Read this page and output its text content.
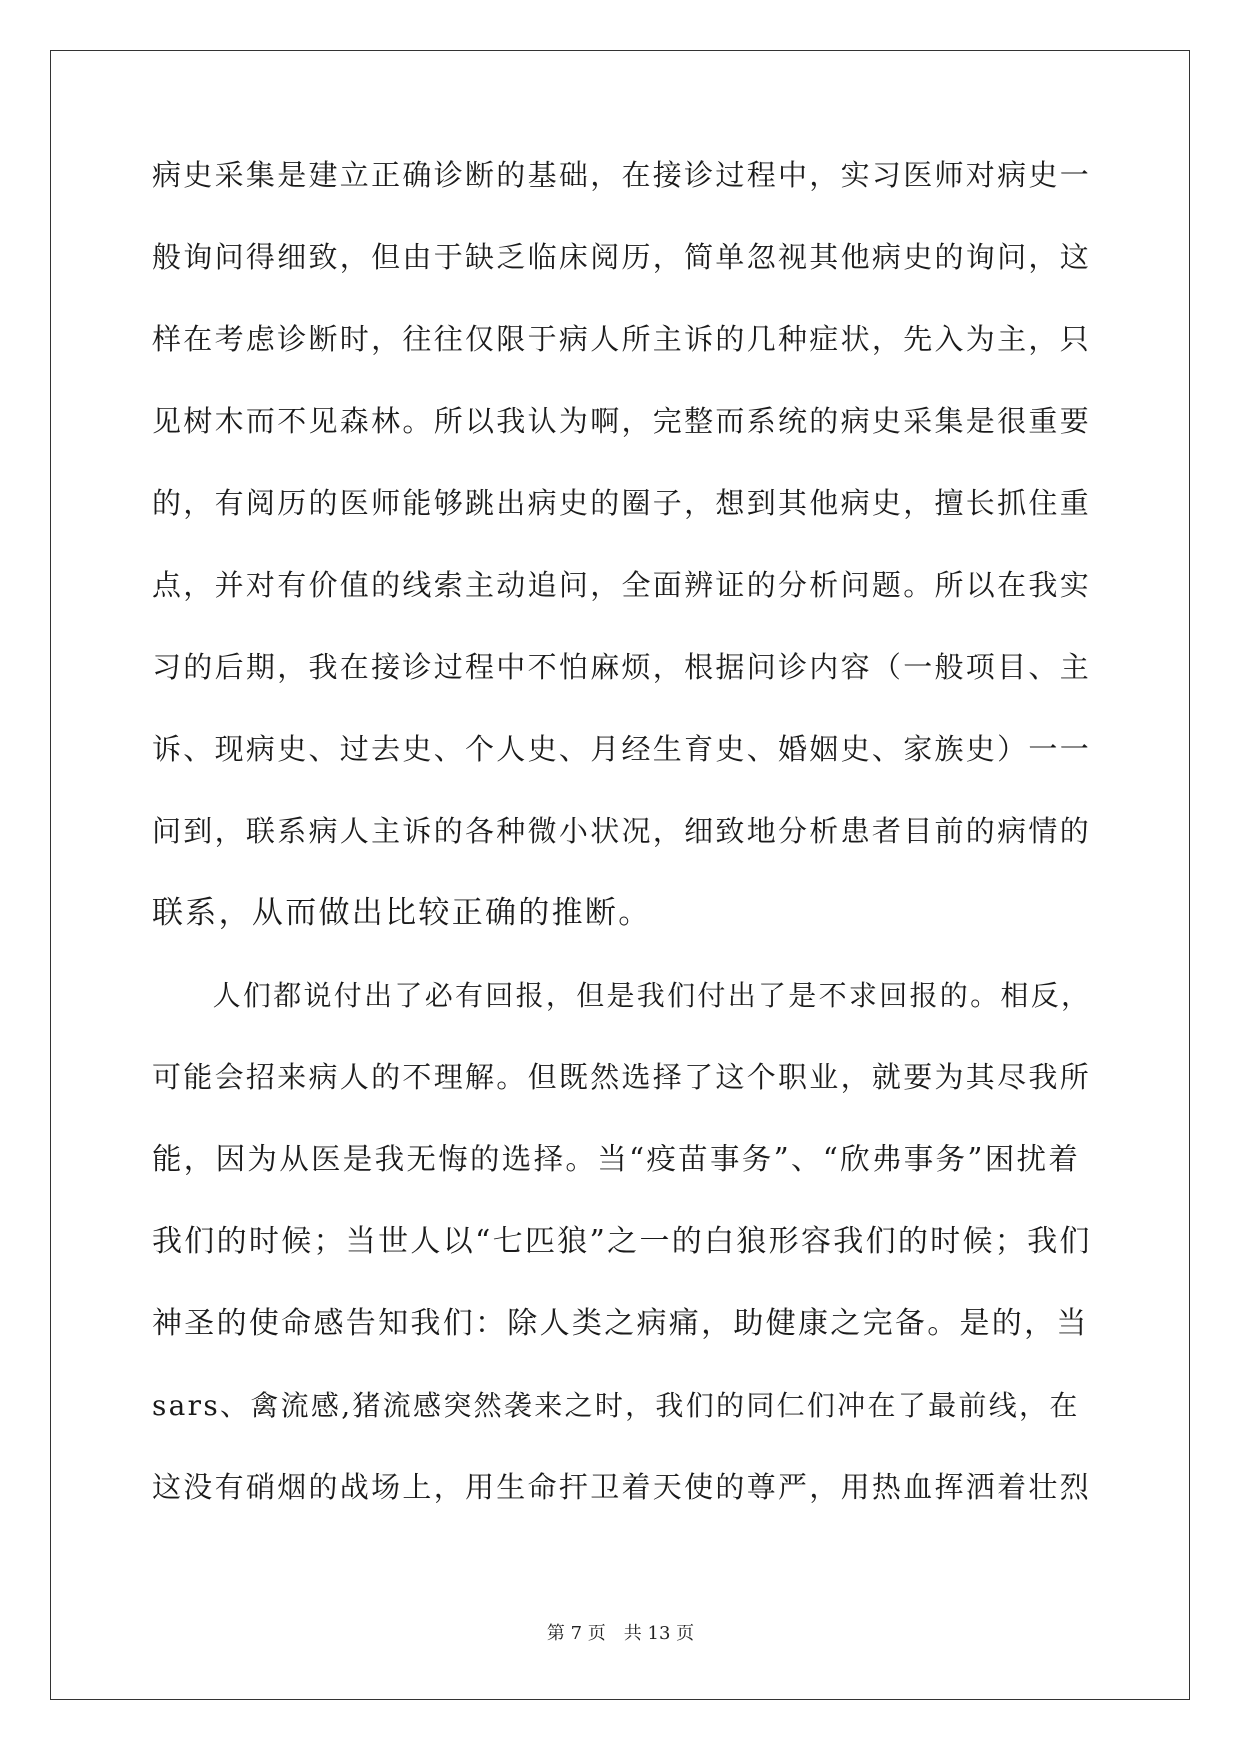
病史采集是建立正确诊断的基础，在接诊过程中，实习医师对病史一
般询问得细致，但由于缺乏临床阅历，简单忽视其他病史的询问，这
样在考虑诊断时，往往仅限于病人所主诉的几种症状，先入为主，只
见树木而不见森林。所以我认为啊，完整而系统的病史采集是很重要
的，有阅历的医师能够跳出病史的圈子，想到其他病史，擅长抓住重
点，并对有价值的线索主动追问，全面辨证的分析问题。所以在我实
习的后期，我在接诊过程中不怕麻烦，根据问诊内容（一般项目、主
诉、现病史、过去史、个人史、月经生育史、婚姻史、家族史）一一
问到，联系病人主诉的各种微小状况，细致地分析患者目前的病情的
联系，从而做出比较正确的推断。
　　人们都说付出了必有回报，但是我们付出了是不求回报的。相反，
可能会招来病人的不理解。但既然选择了这个职业，就要为其尽我所
能，因为从医是我无悔的选择。当“疫苗事务”、“欣弗事务”困扰着
我们的时候；当世人以“七匹狼”之一的白狼形容我们的时候；我们
神圣的使命感告知我们：除人类之病痛，助健康之完备。是的，当
sars、禽流感,猪流感突然袭来之时，我们的同仁们冲在了最前线，在
这没有硝烟的战场上，用生命扞卫着天使的尊严，用热血挥洒着壮烈
第 7 页　共 13 页
